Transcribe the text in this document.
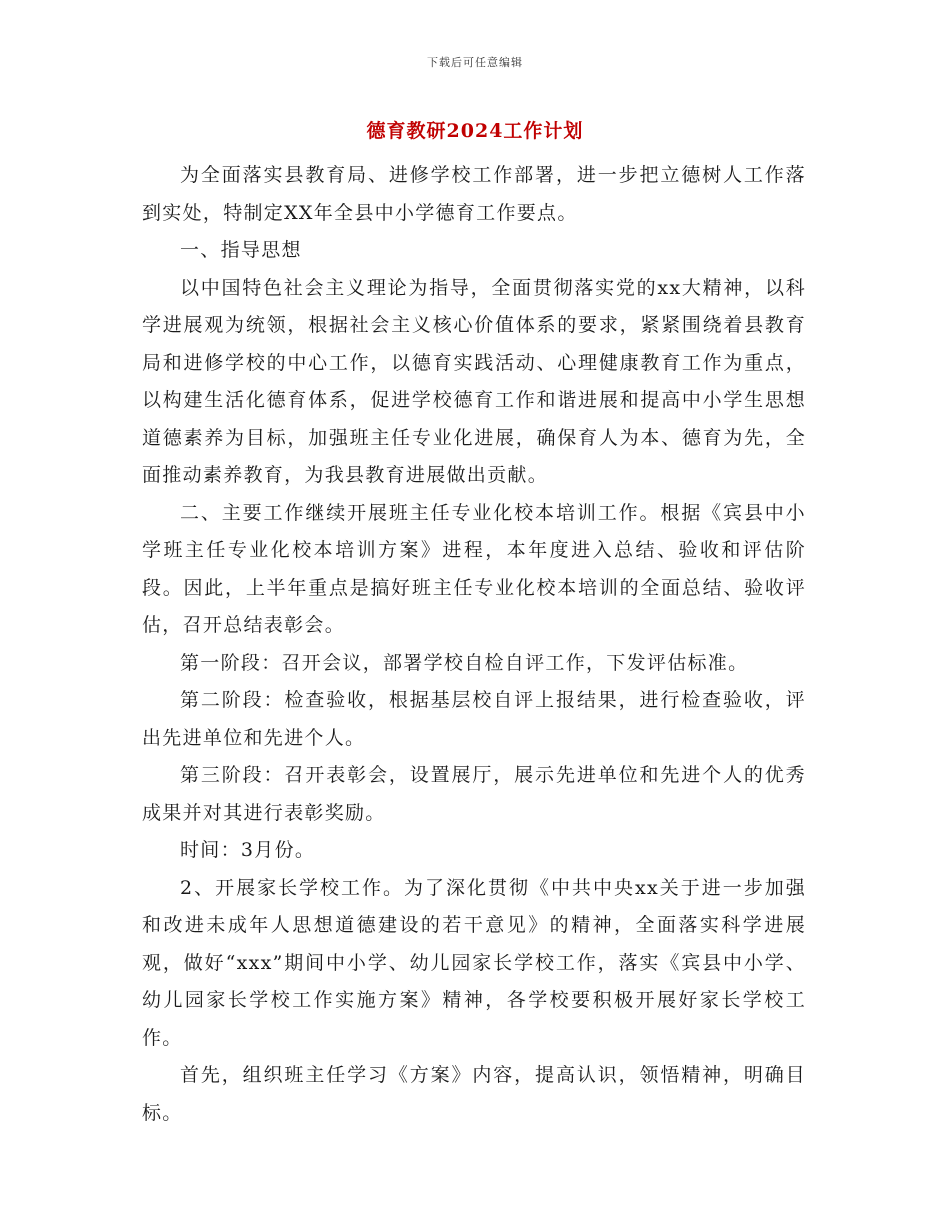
下载后可任意编辑
德育教研2024工作计划

为全面落实县教育局、进修学校工作部署，进一步把立德树人工作落到实处，特制定XX年全县中小学德育工作要点。

一、指导思想

以中国特色社会主义理论为指导，全面贯彻落实党的xx大精神，以科学进展观为统领，根据社会主义核心价值体系的要求，紧紧围绕着县教育局和进修学校的中心工作，以德育实践活动、心理健康教育工作为重点，以构建生活化德育体系，促进学校德育工作和谐进展和提高中小学生思想道德素养为目标，加强班主任专业化进展，确保育人为本、德育为先，全面推动素养教育，为我县教育进展做出贡献。

二、主要工作继续开展班主任专业化校本培训工作。根据《宾县中小学班主任专业化校本培训方案》进程，本年度进入总结、验收和评估阶段。因此，上半年重点是搞好班主任专业化校本培训的全面总结、验收评估，召开总结表彰会。

第一阶段：召开会议，部署学校自检自评工作，下发评估标准。

第二阶段：检查验收，根据基层校自评上报结果，进行检查验收，评出先进单位和先进个人。

第三阶段：召开表彰会，设置展厅，展示先进单位和先进个人的优秀成果并对其进行表彰奖励。

时间：3月份。

2、开展家长学校工作。为了深化贯彻《中共中央xx关于进一步加强和改进未成年人思想道德建设的若干意见》的精神，全面落实科学进展观，做好“xxx”期间中小学、幼儿园家长学校工作，落实《宾县中小学、幼儿园家长学校工作实施方案》精神，各学校要积极开展好家长学校工作。

首先，组织班主任学习《方案》内容，提高认识，领悟精神，明确目标。
